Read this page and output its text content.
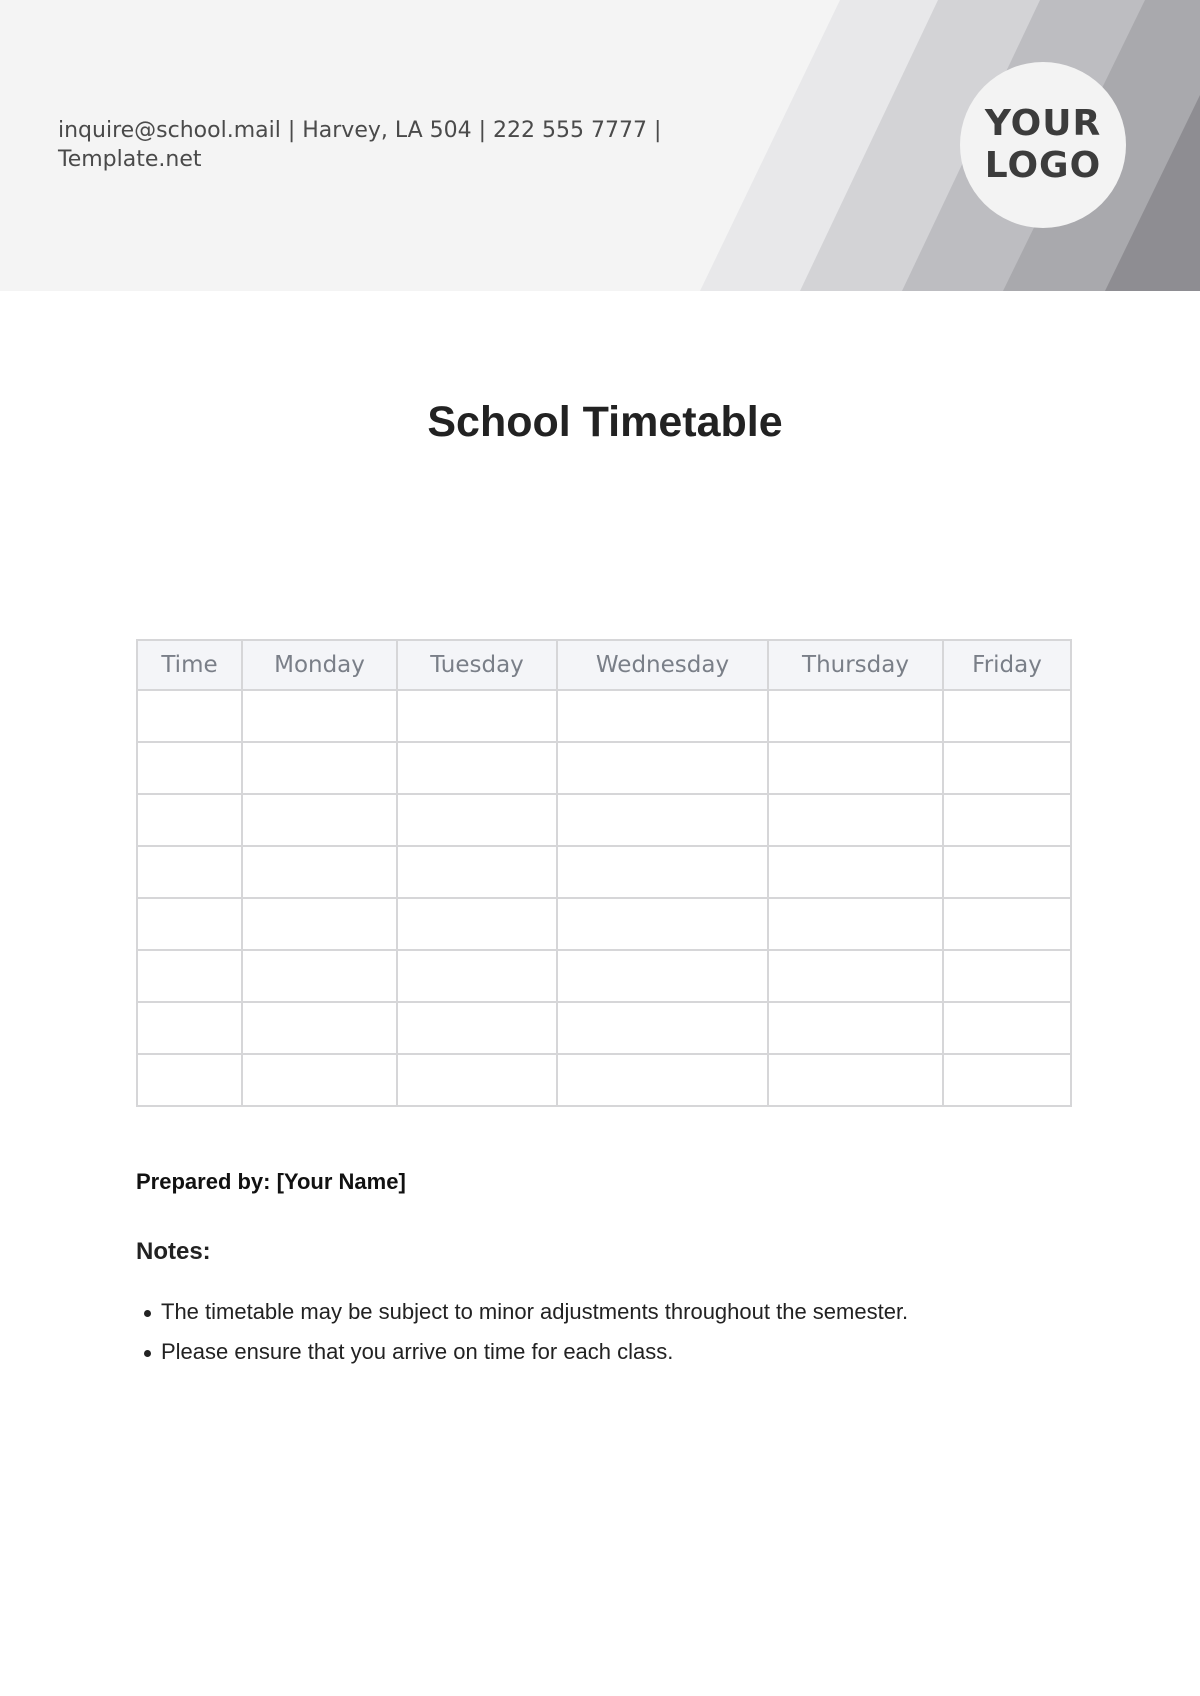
inquire@school.mail | Harvey, LA 504 | 222 555 7777 |
Template.net

YOUR
LOGO
School Timetable
Time	Monday	Tuesday	Wednesday	Thursday	Friday

Prepared by: [Your Name]

Notes:
The timetable may be subject to minor adjustments throughout the semester.
Please ensure that you arrive on time for each class.
